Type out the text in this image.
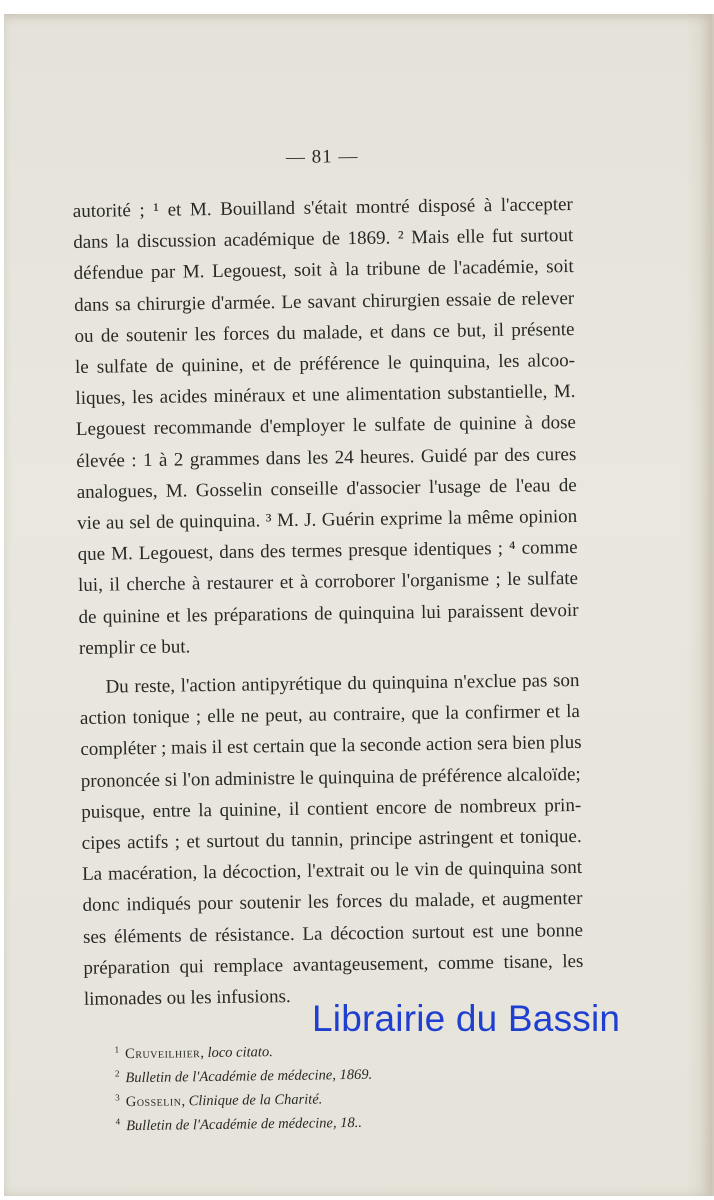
— 81 —
autorité ; ¹ et M. Bouilland s'était montré disposé à l'accepter
dans la discussion académique de 1869. ² Mais elle fut surtout
défendue par M. Legouest, soit à la tribune de l'académie, soit
dans sa chirurgie d'armée. Le savant chirurgien essaie de relever
ou de soutenir les forces du malade, et dans ce but, il présente
le sulfate de quinine, et de préférence le quinquina, les alcoo-
liques, les acides minéraux et une alimentation substantielle, M.
Legouest recommande d'employer le sulfate de quinine à dose
élevée : 1 à 2 grammes dans les 24 heures. Guidé par des cures
analogues, M. Gosselin conseille d'associer l'usage de l'eau de
vie au sel de quinquina. ³ M. J. Guérin exprime la même opinion
que M. Legouest, dans des termes presque identiques ; ⁴ comme
lui, il cherche à restaurer et à corroborer l'organisme ; le sulfate
de quinine et les préparations de quinquina lui paraissent devoir
remplir ce but.
Du reste, l'action antipyrétique du quinquina n'exclue pas son
action tonique ; elle ne peut, au contraire, que la confirmer et la
compléter ; mais il est certain que la seconde action sera bien plus
prononcée si l'on administre le quinquina de préférence alcaloïde;
puisque, entre la quinine, il contient encore de nombreux prin-
cipes actifs ; et surtout du tannin, principe astringent et tonique.
La macération, la décoction, l'extrait ou le vin de quinquina sont
donc indiqués pour soutenir les forces du malade, et augmenter
ses éléments de résistance. La décoction surtout est une bonne
préparation qui remplace avantageusement, comme tisane, les
limonades ou les infusions.
$^1$ Cruveilhier, loco citato.
$^2$ Bulletin de l'Académie de médecine, 1869.
$^3$ Gosselin, Clinique de la Charité.
$^4$ Bulletin de l'Académie de médecine, 18..
Librairie du Bassin
